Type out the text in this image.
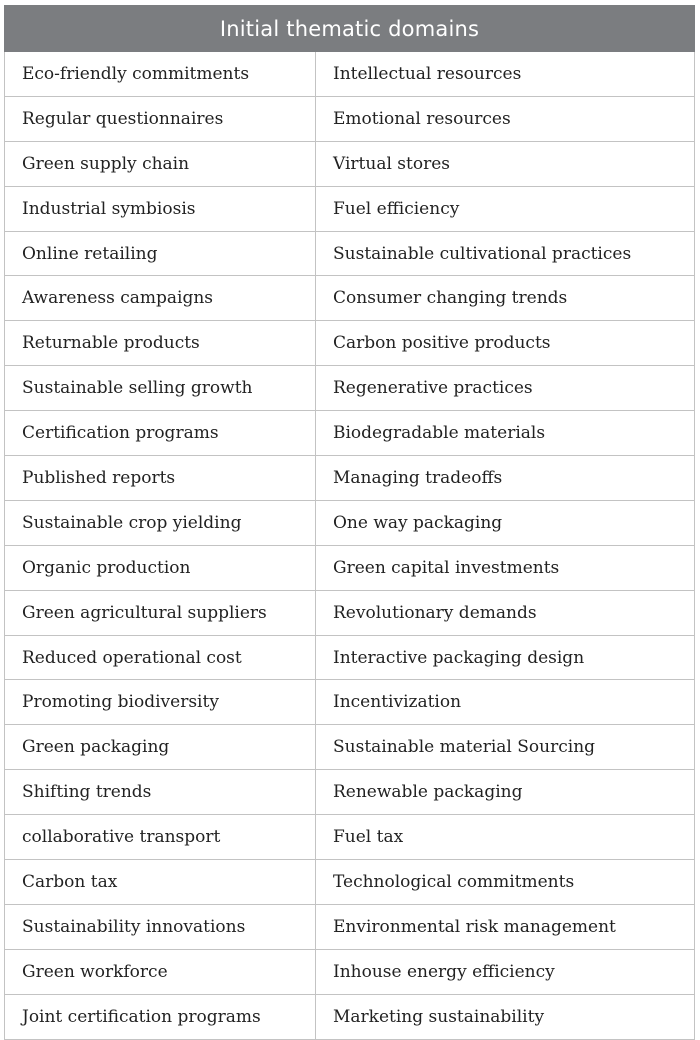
Initial thematic domains	
Eco-friendly commitments	Intellectual resources
Regular questionnaires	Emotional resources
Green supply chain	Virtual stores
Industrial symbiosis	Fuel efficiency
Online retailing	Sustainable cultivational practices
Awareness campaigns	Consumer changing trends
Returnable products	Carbon positive products
Sustainable selling growth	Regenerative practices
Certification programs	Biodegradable materials
Published reports	Managing tradeoffs
Sustainable crop yielding	One way packaging
Organic production	Green capital investments
Green agricultural suppliers	Revolutionary demands
Reduced operational cost	Interactive packaging design
Promoting biodiversity	Incentivization
Green packaging	Sustainable material Sourcing
Shifting trends	Renewable packaging
collaborative transport	Fuel tax
Carbon tax	Technological commitments
Sustainability innovations	Environmental risk management
Green workforce	Inhouse energy efficiency
Joint certification programs	Marketing sustainability
